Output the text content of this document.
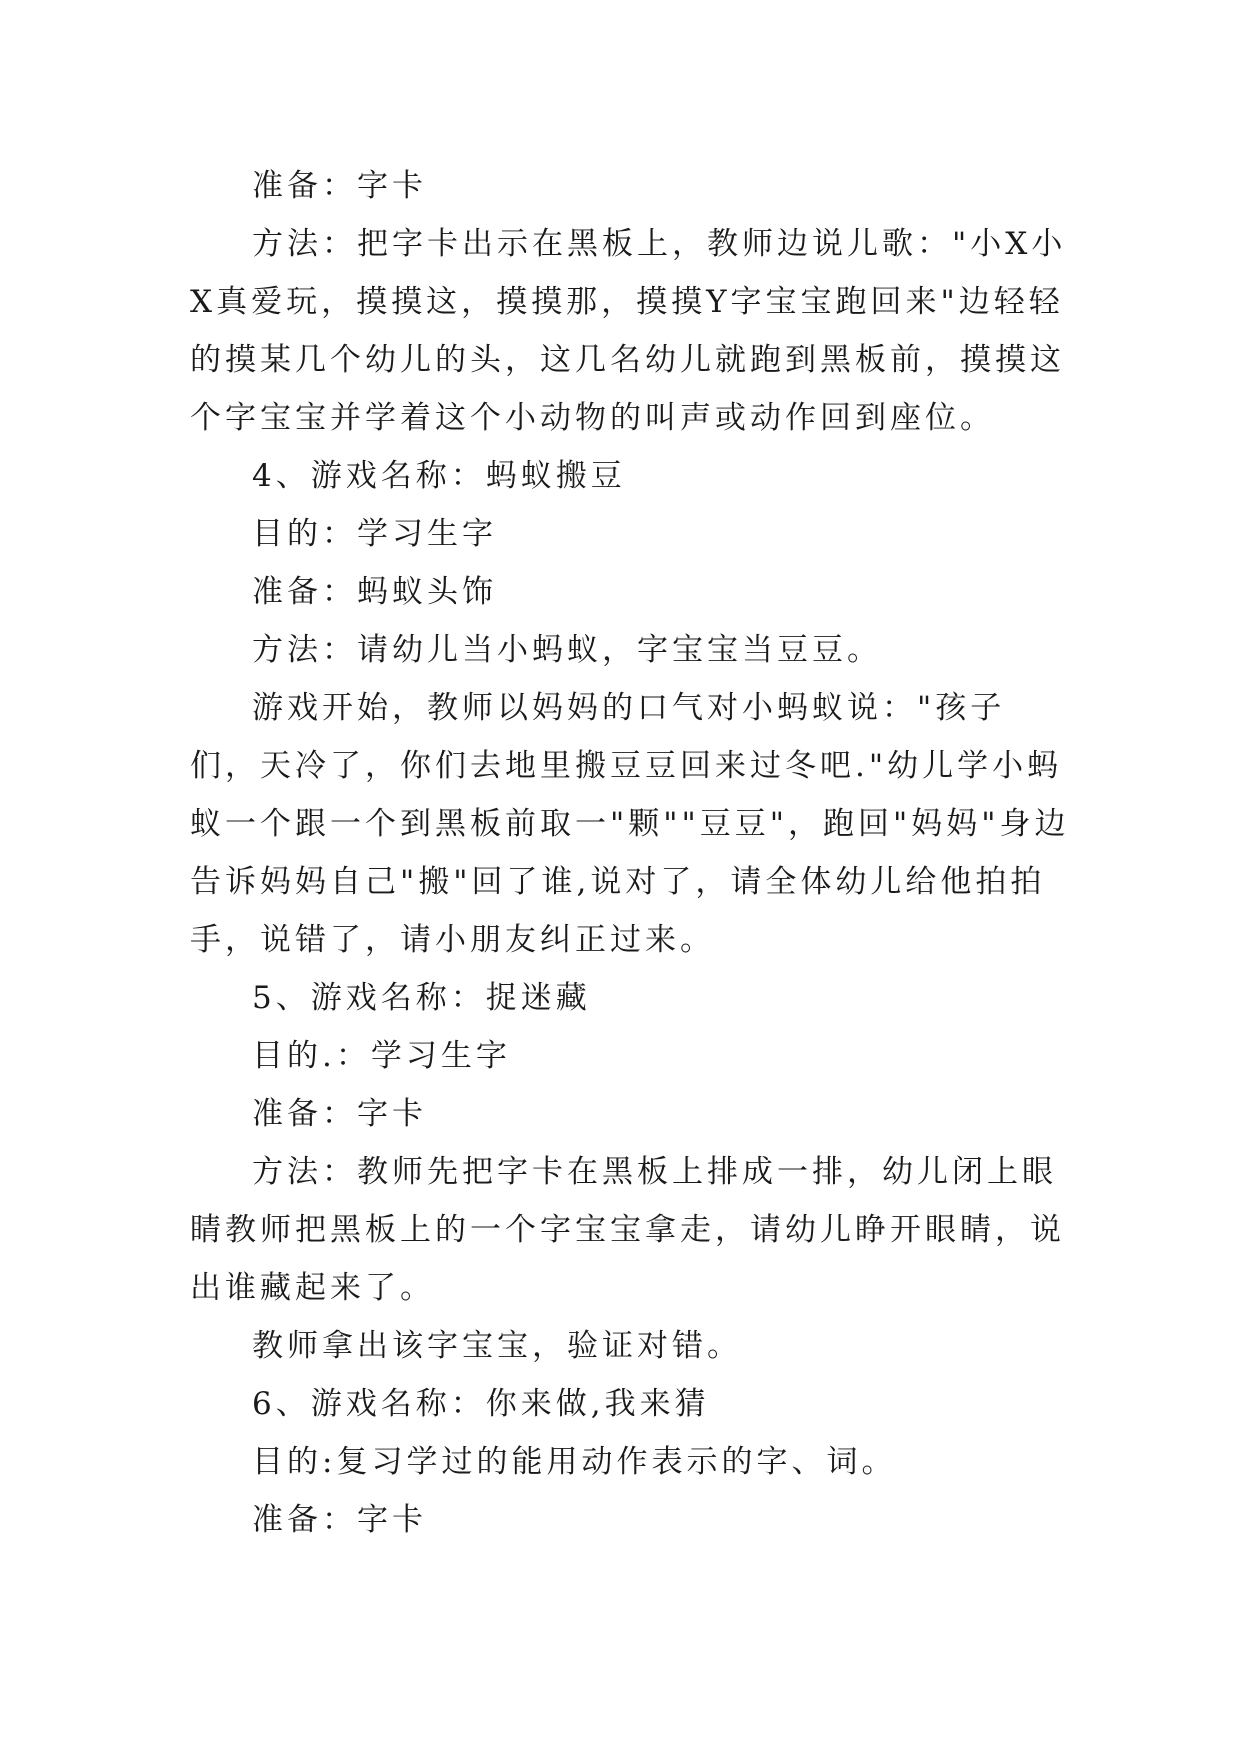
准备：字卡

方法：把字卡出示在黑板上，教师边说儿歌："小X小X真爱玩，摸摸这，摸摸那，摸摸Y字宝宝跑回来"边轻轻的摸某几个幼儿的头，这几名幼儿就跑到黑板前，摸摸这个字宝宝并学着这个小动物的叫声或动作回到座位。

4、游戏名称：蚂蚁搬豆

目的：学习生字

准备：蚂蚁头饰

方法：请幼儿当小蚂蚁，字宝宝当豆豆。

游戏开始，教师以妈妈的口气对小蚂蚁说："孩子们，天冷了，你们去地里搬豆豆回来过冬吧."幼儿学小蚂蚁一个跟一个到黑板前取一"颗""豆豆"，跑回"妈妈"身边告诉妈妈自己"搬"回了谁,说对了，请全体幼儿给他拍拍手，说错了，请小朋友纠正过来。

5、游戏名称：捉迷藏

目的.：学习生字

准备：字卡

方法：教师先把字卡在黑板上排成一排，幼儿闭上眼睛教师把黑板上的一个字宝宝拿走，请幼儿睁开眼睛，说出谁藏起来了。

教师拿出该字宝宝，验证对错。

6、游戏名称：你来做,我来猜

目的:复习学过的能用动作表示的字、词。

准备：字卡
